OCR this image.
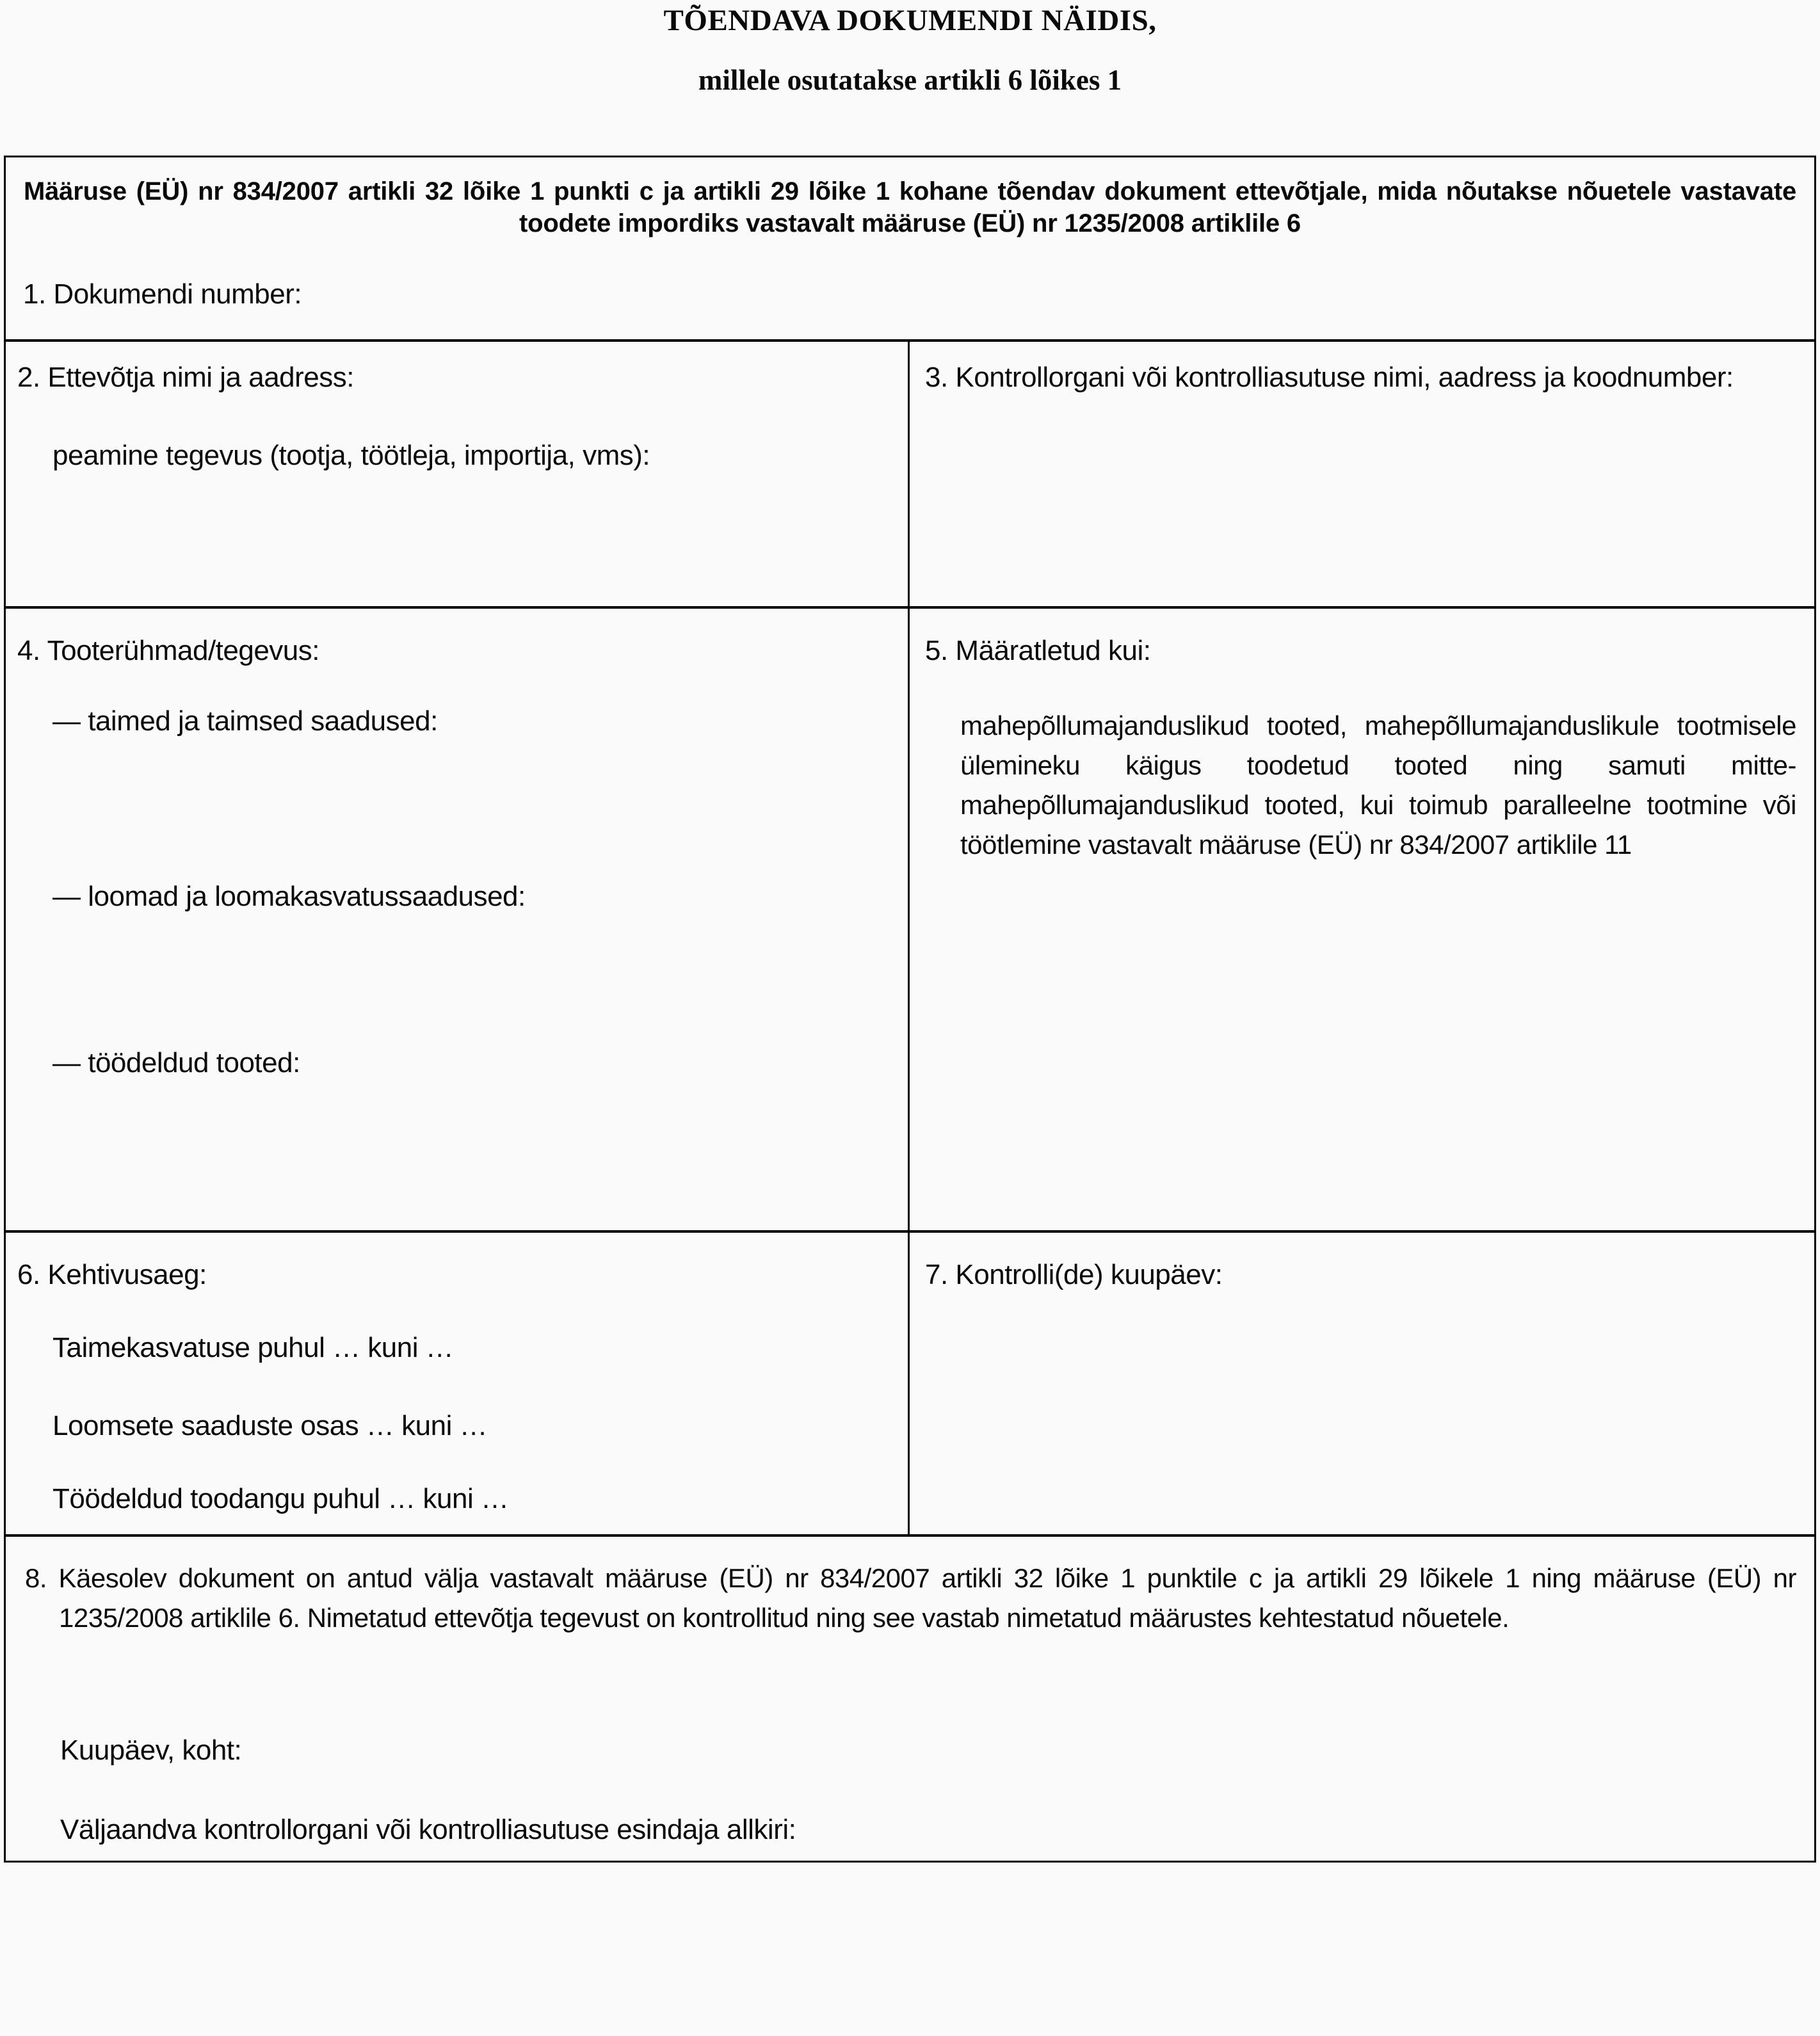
TÕENDAVA DOKUMENDI NÄIDIS,
millele osutatakse artikli 6 lõikes 1

Määruse (EÜ) nr 834/2007 artikli 32 lõike 1 punkti c ja artikli 29 lõike 1 kohane tõendav dokument ettevõtjale, mida nõutakse nõuetele vastavate toodete impordiks vastavalt määruse (EÜ) nr 1235/2008 artiklile 6

1. Dokumendi number:

2. Ettevõtja nimi ja aadress:

peamine tegevus (tootja, töötleja, importija, vms):

3. Kontrollorgani või kontrolliasutuse nimi, aadress ja koodnumber:

4. Tooterühmad/tegevus:

— taimed ja taimsed saadused:

— loomad ja loomakasvatussaadused:

— töödeldud tooted:

5. Määratletud kui:

mahepõllumajanduslikud tooted, mahepõllumajanduslikule tootmisele ülemineku käigus toodetud tooted ning samuti mitte-mahepõllumajanduslikud tooted, kui toimub paralleelne tootmine või töötlemine vastavalt määruse (EÜ) nr 834/2007 artiklile 11

6. Kehtivusaeg:

Taimekasvatuse puhul … kuni …

Loomsete saaduste osas … kuni …

Töödeldud toodangu puhul … kuni …

7. Kontrolli(de) kuupäev:

8. Käesolev dokument on antud välja vastavalt määruse (EÜ) nr 834/2007 artikli 32 lõike 1 punktile c ja artikli 29 lõikele 1 ning määruse (EÜ) nr 1235/2008 artiklile 6. Nimetatud ettevõtja tegevust on kontrollitud ning see vastab nimetatud määrustes kehtestatud nõuetele.

Kuupäev, koht:

Väljaandva kontrollorgani või kontrolliasutuse esindaja allkiri:
